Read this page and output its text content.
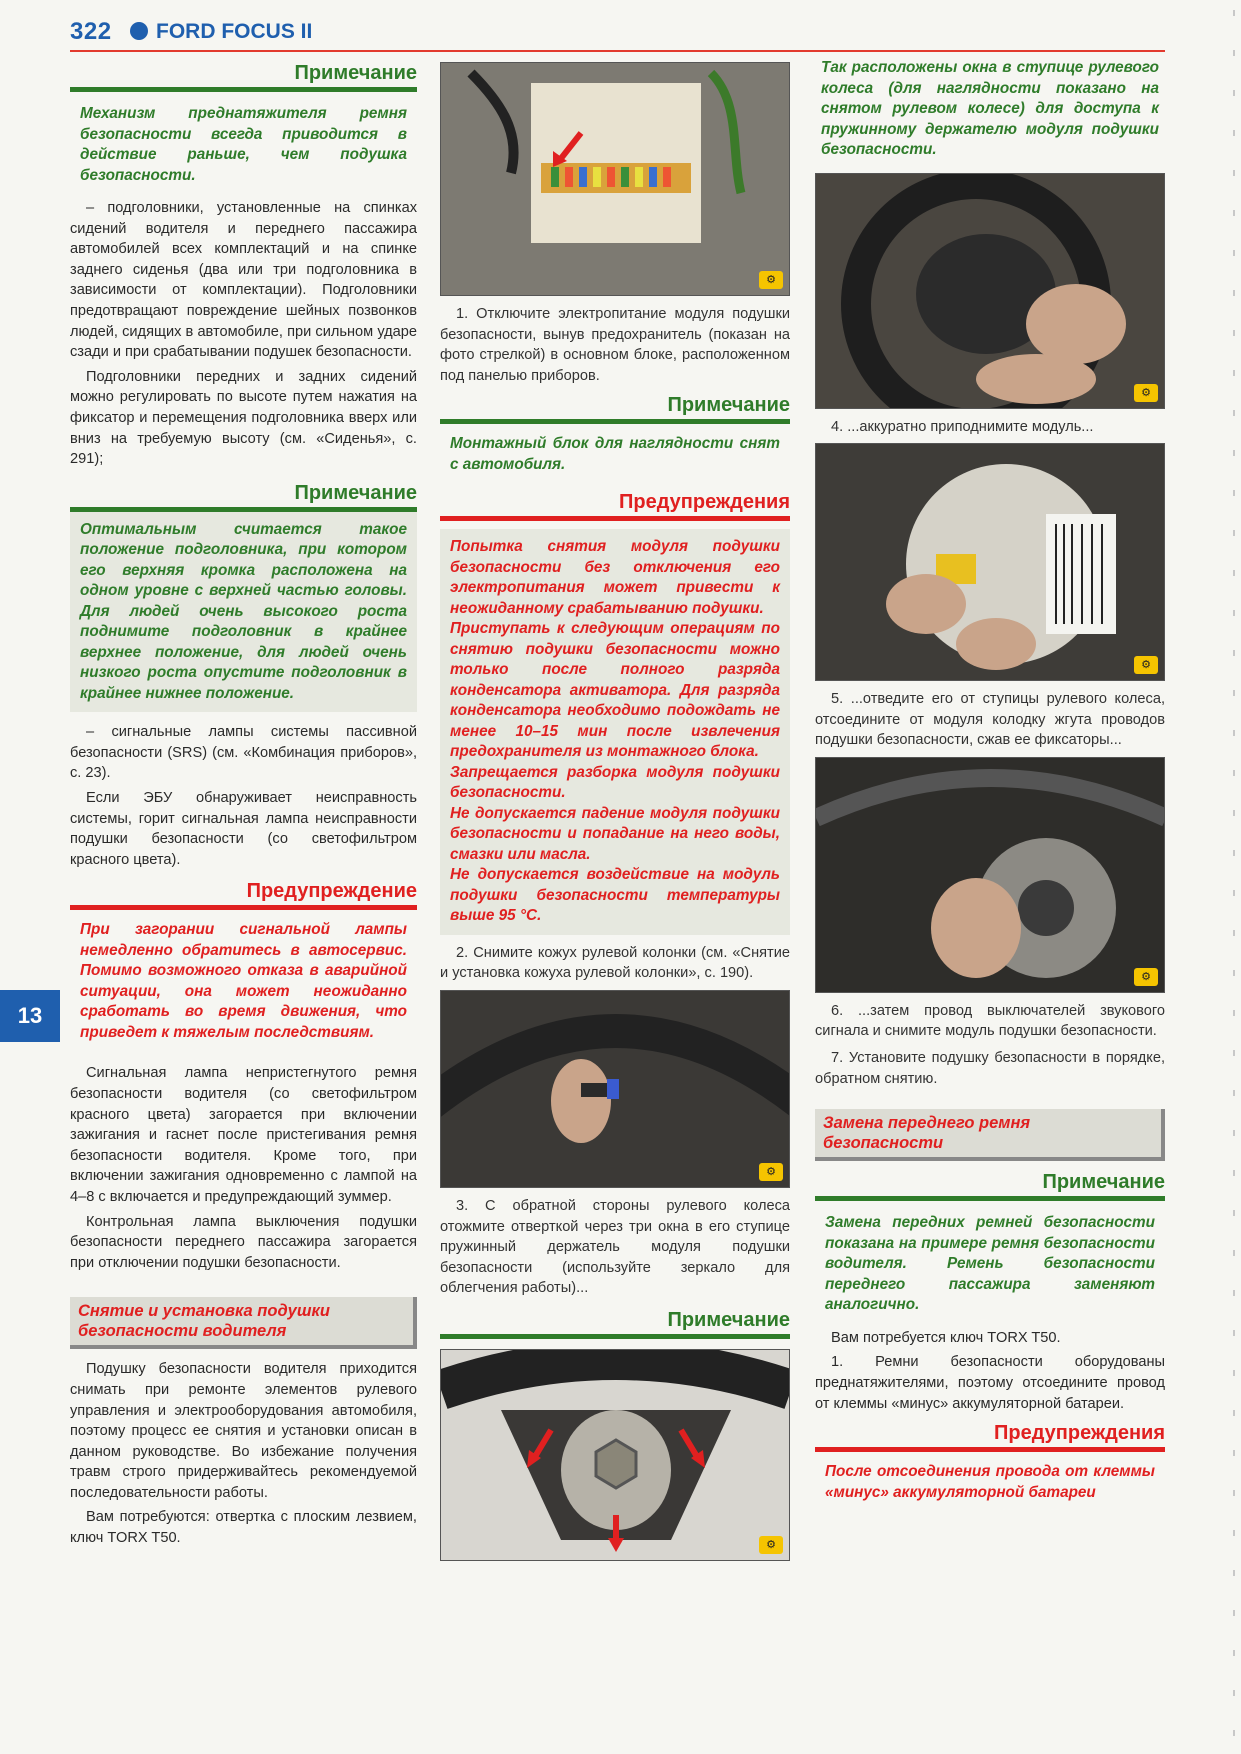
322 FORD FOCUS II
13
Примечание
Механизм преднатяжителя ремня безопасности всегда приводится в действие раньше, чем подушка безопасности.

– подголовники, установленные на спинках сидений водителя и переднего пассажира автомобилей всех комплектаций и на спинке заднего сиденья (два или три подголовника в зависимости от комплектации). Подголовники предотвращают повреждение шейных позвонков людей, сидящих в автомобиле, при сильном ударе сзади и при срабатывании подушек безопасности.

Подголовники передних и задних сидений можно регулировать по высоте путем нажатия на фиксатор и перемещения подголовника вверх или вниз на требуемую высоту (см. «Сиденья», с. 291);

Примечание
Оптимальным считается такое положение подголовника, при котором его верхняя кромка расположена на одном уровне с верхней частью головы. Для людей очень высокого роста поднимите подголовник в крайнее верхнее положение, для людей очень низкого роста опустите подголовник в крайнее нижнее положение.

– сигнальные лампы системы пассивной безопасности (SRS) (см. «Комбинация приборов», с. 23).

Если ЭБУ обнаруживает неисправность системы, горит сигнальная лампа неисправности подушки безопасности (со светофильтром красного цвета).

Предупреждение
При загорании сигнальной лампы немедленно обратитесь в автосервис. Помимо возможного отказа в аварийной ситуации, она может неожиданно сработать во время движения, что приведет к тяжелым последствиям.

Сигнальная лампа непристегнутого ремня безопасности водителя (со светофильтром красного цвета) загорается при включении зажигания и гаснет после пристегивания ремня безопасности водителя. Кроме того, при включении зажигания одновременно с лампой на 4–8 с включается и предупреждающий зуммер.

Контрольная лампа выключения подушки безопасности переднего пассажира загорается при отключении подушки безопасности.

Снятие и установка подушки безопасности водителя

Подушку безопасности водителя приходится снимать при ремонте элементов рулевого управления и электрооборудования автомобиля, поэтому процесс ее снятия и установки описан в данном руководстве. Во избежание получения травм строго придерживайтесь рекомендуемой последовательности работы.

Вам потребуются: отвертка с плоским лезвием, ключ TORX T50.

⚙

1. Отключите электропитание модуля подушки безопасности, вынув предохранитель (показан на фото стрелкой) в основном блоке, расположенном под панелью приборов.

Примечание
Монтажный блок для наглядности снят с автомобиля.
Предупреждения
Попытка снятия модуля подушки безопасности без отключения его электропитания может привести к неожиданному срабатыванию подушки.
Приступать к следующим операциям по снятию подушки безопасности можно только после полного разряда конденсатора активатора. Для разряда конденсатора необходимо подождать не менее 10–15 мин после извлечения предохранителя из монтажного блока.
Запрещается разборка модуля подушки безопасности.
Не допускается падение модуля подушки безопасности и попадание на него воды, смазки или масла.
Не допускается воздействие на модуль подушки безопасности температуры выше 95 °С.

2. Снимите кожух рулевой колонки (см. «Снятие и установка кожуха рулевой колонки», с. 190).

⚙

3. С обратной стороны рулевого колеса отожмите отверткой через три окна в его ступице пружинный держатель модуля подушки безопасности (используйте зеркало для облегчения работы)...

Примечание
⚙
Так расположены окна в ступице рулевого колеса (для наглядности показано на снятом рулевом колесе) для доступа к пружинному держателю модуля подушки безопасности.
⚙

4. ...аккуратно приподнимите модуль...

⚙

5. ...отведите его от ступицы рулевого колеса, отсоедините от модуля колодку жгута проводов подушки безопасности, сжав ее фиксаторы...

⚙

6. ...затем провод выключателей звукового сигнала и снимите модуль подушки безопасности.

7. Установите подушку безопасности в порядке, обратном снятию.

Замена переднего ремня безопасности
Примечание
Замена передних ремней безопасности показана на примере ремня безопасности водителя. Ремень безопасности переднего пассажира заменяют аналогично.

Вам потребуется ключ TORX T50.

1. Ремни безопасности оборудованы преднатяжителями, поэтому отсоедините провод от клеммы «минус» аккумуляторной батареи.

Предупреждения
После отсоединения провода от клеммы «минус» аккумуляторной батареи
